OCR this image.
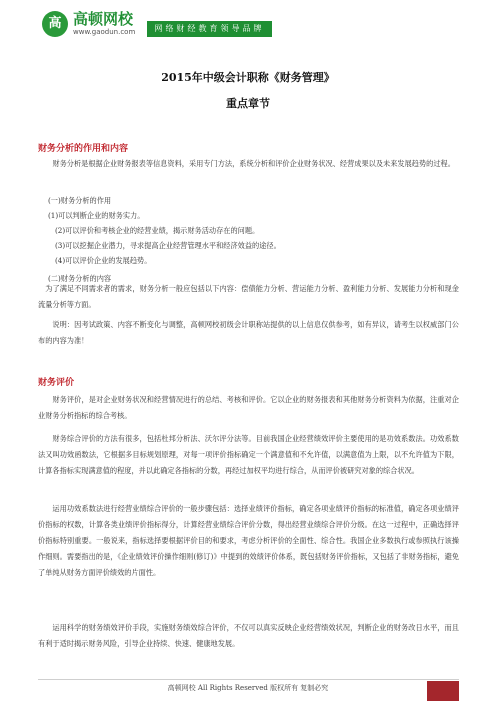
高 高顿网校
www.gaodun.com	网络财经教育领导品牌
2015年中级会计职称《财务管理》
重点章节
财务分析的作用和内容

财务分析是根据企业财务报表等信息资料，采用专门方法，系统分析和评价企业财务状况、经营成果以及未来发展趋势的过程。

(一)财务分析的作用
(1)可以判断企业的财务实力。
(2)可以评价和考核企业的经营业绩，揭示财务活动存在的问题。
(3)可以挖掘企业潜力，寻求提高企业经营管理水平和经济效益的途径。
(4)可以评价企业的发展趋势。
(二)财务分析的内容

为了满足不同需求者的需求，财务分析一般应包括以下内容：偿债能力分析、营运能力分析、盈利能力分析、发展能力分析和现金流量分析等方面。

说明：因考试政策、内容不断变化与调整，高顿网校初级会计职称站提供的以上信息仅供参考，如有异议，请考生以权威部门公布的内容为准！

财务评价

财务评价，是对企业财务状况和经营情况进行的总结、考核和评价。它以企业的财务报表和其他财务分析资料为依据，注重对企业财务分析指标的综合考核。

财务综合评价的方法有很多，包括杜邦分析法、沃尔评分法等。目前我国企业经营绩效评价主要使用的是功效系数法。功效系数法又叫功效函数法，它根据多目标规划原理，对每一项评价指标确定一个满意值和不允许值，以满意值为上限，以不允许值为下限，计算各指标实现满意值的程度，并以此确定各指标的分数，再经过加权平均进行综合，从而评价被研究对象的综合状况。

运用功效系数法进行经营业绩综合评价的一般步骤包括：选择业绩评价指标，确定各项业绩评价指标的标准值，确定各项业绩评价指标的权数，计算各类业绩评价指标得分，计算经营业绩综合评价分数，得出经营业绩综合评价分级。在这一过程中，正确选择评价指标特别重要。一般说来，指标选择要根据评价目的和要求，考虑分析评价的全面性、综合性。我国企业多数执行或参照执行该操作细则。需要指出的是，《企业绩效评价操作细则(修订)》中提到的效绩评价体系，既包括财务评价指标，又包括了非财务指标，避免了单纯从财务方面评价绩效的片面性。

运用科学的财务绩效评价手段，实施财务绩效综合评价，不仅可以真实反映企业经营绩效状况，判断企业的财务改日水平，而且有利于适时揭示财务风险，引导企业持续、快速、健康地发展。

高顿网校 All Rights Reserved 版权所有 复制必究
